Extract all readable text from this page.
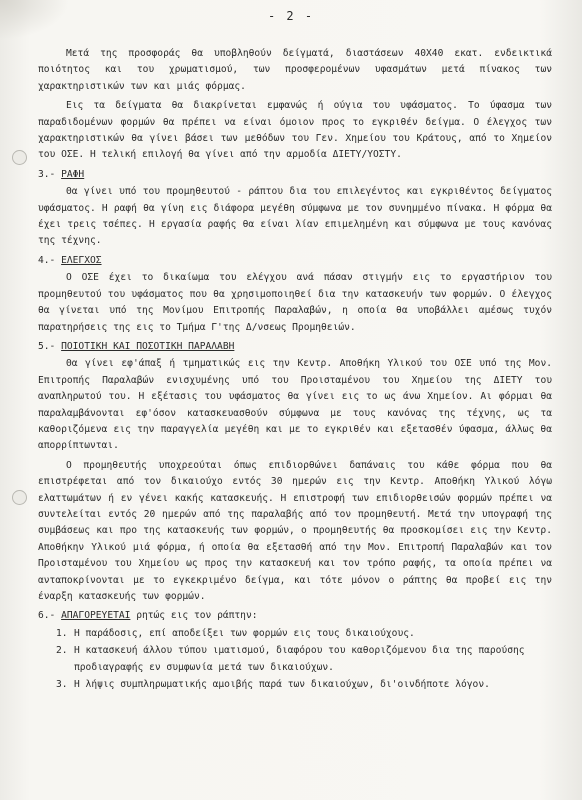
- 2 -

Μετά της προσφοράς θα υποβληθούν δείγματά, διαστάσεων 40Χ40 εκατ. ενδεικτικά ποιότητος και του χρωματισμού, των προσφερομένων υφασμάτων μετά πίνακος των χαρακτηριστικών των και μιάς φόρμας.

Εις τα δείγματα θα διακρίνεται εμφανώς ή ούγια του υφάσματος. Το ύφασμα των παραδιδομένων φορμών θα πρέπει να είναι όμοιον προς το εγκριθέν δείγμα. Ο έλεγχος των χαρακτηριστικών θα γίνει βάσει των μεθόδων του Γεν. Χημείου του Κράτους, από το Χημείον του ΟΣΕ. Η τελική επιλογή θα γίνει από την αρμοδία ΔΙΕΤΥ/ΥΟΣΤΥ.

3.- ΡΑΦΗ

Θα γίνει υπό του προμηθευτού - ράπτου δια του επιλεγέντος και εγκριθέντος δείγματος υφάσματος. Η ραφή θα γίνη εις διάφορα μεγέθη σύμφωνα με τον συνημμένο πίνακα. Η φόρμα θα έχει τρεις τσέπες. Η εργασία ραφής θα είναι λίαν επιμελημένη και σύμφωνα με τους κανόνας της τέχνης.

4.- ΕΛΕΓΧΟΣ

Ο ΟΣΕ έχει το δικαίωμα του ελέγχου ανά πάσαν στιγμήν εις το εργαστήριον του προμηθευτού του υφάσματος που θα χρησιμοποιηθεί δια την κατασκευήν των φορμών. Ο έλεγχος θα γίνεται υπό της Μονίμου Επιτροπής Παραλαβών, η οποία θα υποβάλλει αμέσως τυχόν παρατηρήσεις της εις το Τμήμα Γ'της Δ/νσεως Προμηθειών.

5.- ΠΟΙΟΤΙΚΗ ΚΑΙ ΠΟΣΟΤΙΚΗ ΠΑΡΑΛΑΒΗ

Θα γίνει εφ'άπαξ ή τμηματικώς εις την Κεντρ. Αποθήκη Υλικού του ΟΣΕ υπό της Μον. Επιτροπής Παραλαβών ενισχυμένης υπό του Προισταμένου του Χημείου της ΔΙΕΤΥ του αναπληρωτού του. Η εξέτασις του υφάσματος θα γίνει εις το ως άνω Χημείον. Αι φόρμαι θα παραλαμβάνονται εφ'όσον κατασκευασθούν σύμφωνα με τους κανόνας της τέχνης, ως τα καθοριζόμενα εις την παραγγελία μεγέθη και με το εγκριθέν και εξετασθέν ύφασμα, άλλως θα απορρίπτωνται.

Ο προμηθευτής υποχρεούται όπως επιδιορθώνει δαπάναις του κάθε φόρμα που θα επιστρέφεται από τον δικαιούχο εντός 30 ημερών εις την Κεντρ. Αποθήκη Υλικού λόγω ελαττωμάτων ή εν γένει κακής κατασκευής. Η επιστροφή των επιδιορθεισών φορμών πρέπει να συντελείται εντός 20 ημερών από της παραλαβής από τον προμηθευτή. Μετά την υπογραφή της συμβάσεως και προ της κατασκευής των φορμών, ο προμηθευτής θα προσκομίσει εις την Κεντρ. Αποθήκην Υλικού μιά φόρμα, ή οποία θα εξετασθή από την Μον. Επιτροπή Παραλαβών και τον Προισταμένου του Χημείου ως προς την κατασκευή και τον τρόπο ραφής, τα οποία πρέπει να ανταποκρίνονται με το εγκεκριμένο δείγμα, και τότε μόνον ο ράπτης θα προβεί εις την έναρξη κατασκευής των φορμών.

6.- ΑΠΑΓΟΡΕΥΕΤΑΙ ρητώς εις τον ράπτην:
1. Η παράδοσις, επί αποδείξει των φορμών εις τους δικαιούχους.
2. Η κατασκευή άλλου τύπου ιματισμού, διαφόρου του καθοριζόμενου δια της παρούσης προδιαγραφής εν συμφωνία μετά των δικαιούχων.
3. Η λήψις συμπληρωματικής αμοιβής παρά των δικαιούχων, δι'οινδήποτε λόγον.
